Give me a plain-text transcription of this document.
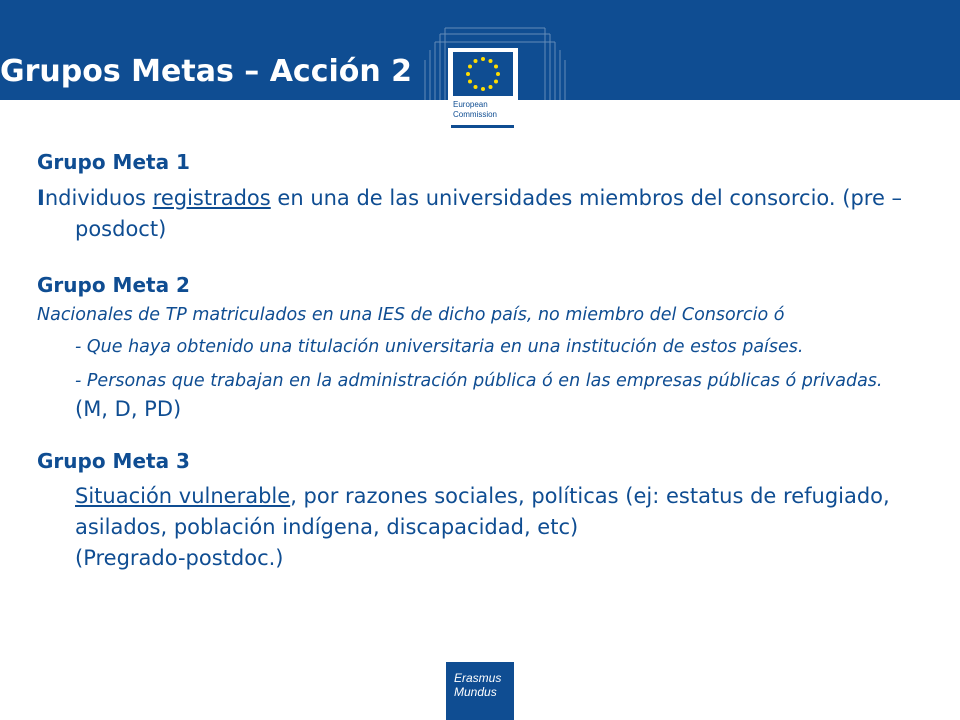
European
Commission
Grupos Metas – Acción 2

Grupo Meta 1

Individuos registrados en una de las universidades miembros del consorcio. (pre –posdoct)

Grupo Meta 2

Nacionales de TP matriculados en una IES de dicho país, no miembro del Consorcio ó

- Que haya obtenido una titulación universitaria en una institución de estos países.

- Personas que trabajan en la administración pública ó en las empresas públicas ó privadas. (M, D, PD)

Grupo Meta 3

Situación vulnerable, por razones sociales, políticas (ej: estatus de refugiado, asilados, población indígena, discapacidad, etc)(Pregrado-postdoc.)

Erasmus
Mundus
